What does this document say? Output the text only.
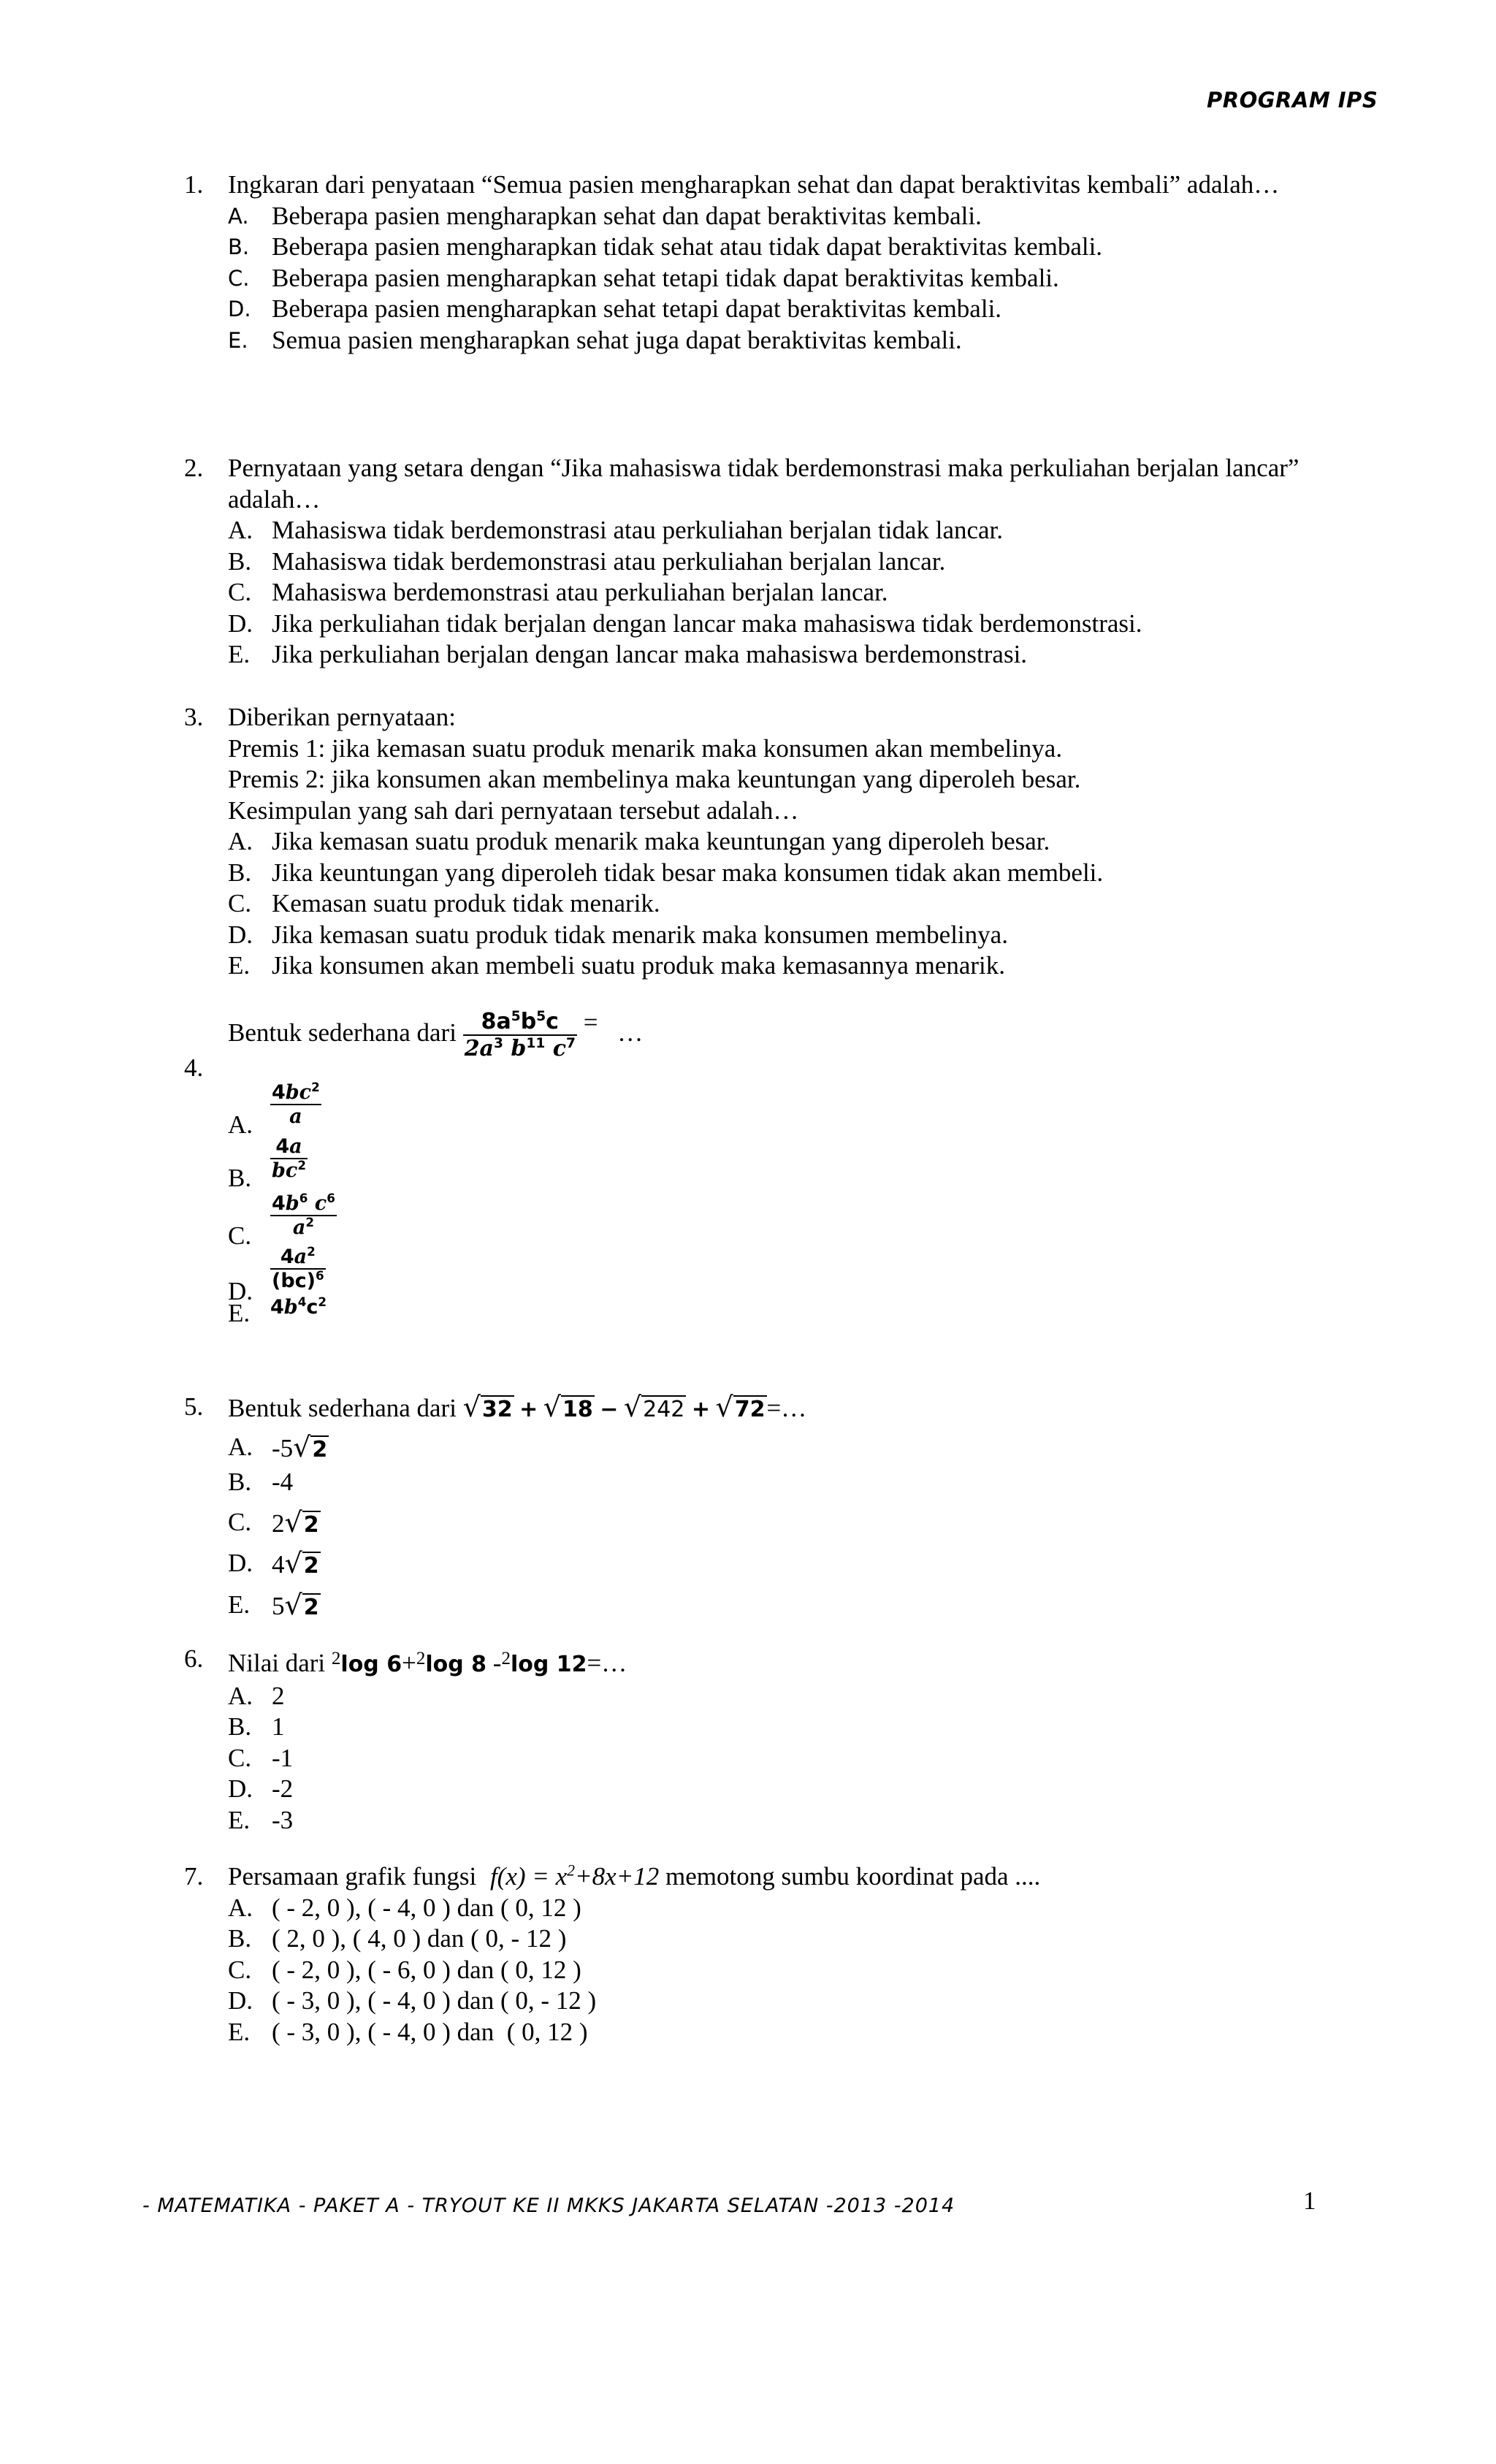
PROGRAM IPS
1. Ingkaran dari penyataan “Semua pasien mengharapkan sehat dan dapat beraktivitas kembali” adalah…
A. Beberapa pasien mengharapkan sehat dan dapat beraktivitas kembali.
B. Beberapa pasien mengharapkan tidak sehat atau tidak dapat beraktivitas kembali.
C. Beberapa pasien mengharapkan sehat tetapi tidak dapat beraktivitas kembali.
D. Beberapa pasien mengharapkan sehat tetapi dapat beraktivitas kembali.
E. Semua pasien mengharapkan sehat juga dapat beraktivitas kembali.
2. Pernyataan yang setara dengan “Jika mahasiswa tidak berdemonstrasi maka perkuliahan berjalan lancar” adalah…
A. Mahasiswa tidak berdemonstrasi atau perkuliahan berjalan tidak lancar.
B. Mahasiswa tidak berdemonstrasi atau perkuliahan berjalan lancar.
C. Mahasiswa berdemonstrasi atau perkuliahan berjalan lancar.
D. Jika perkuliahan tidak berjalan dengan lancar maka mahasiswa tidak berdemonstrasi.
E. Jika perkuliahan berjalan dengan lancar maka mahasiswa berdemonstrasi.
3. Diberikan pernyataan:
Premis 1: jika kemasan suatu produk menarik maka konsumen akan membelinya.
Premis 2: jika konsumen akan membelinya maka keuntungan yang diperoleh besar.
Kesimpulan yang sah dari pernyataan tersebut adalah…
A. Jika kemasan suatu produk menarik maka keuntungan yang diperoleh besar.
B. Jika keuntungan yang diperoleh tidak besar maka konsumen tidak akan membeli.
C. Kemasan suatu produk tidak menarik.
D. Jika kemasan suatu produk tidak menarik maka konsumen membelinya.
E. Jika konsumen akan membeli suatu produk maka kemasannya menarik.
4.
Bentuk sederhana dari $\frac{8a^5b^5c}{2a^3 b^{11} c^7}$ = …
A. $\frac{4bc^2}{a}$
B. $\frac{4a}{bc^2}$
C. $\frac{4b^6 c^6}{a^2}$
D. $\frac{4a^2}{(bc)^6}$
E. $4b^4c^2$
5. Bentuk sederhana dari √32 + √18 − √242 + √72=…
A. -5√2
B. -4
C. 2√2
D. 4√2
E. 5√2
6. Nilai dari $^2$log 6+$^2$log 8 -$^2$log 12=…
A. 2
B. 1
C. -1
D. -2
E. -3
7. Persamaan grafik fungsi $f(x) = x^2+8x+12$ memotong sumbu koordinat pada ....
A. ( - 2, 0 ), ( - 4, 0 ) dan ( 0, 12 )
B. ( 2, 0 ), ( 4, 0 ) dan ( 0, - 12 )
C. ( - 2, 0 ), ( - 6, 0 ) dan ( 0, 12 )
D. ( - 3, 0 ), ( - 4, 0 ) dan ( 0, - 12 )
E. ( - 3, 0 ), ( - 4, 0 ) dan  ( 0, 12 )
- MATEMATIKA - PAKET A - TRYOUT KE II MKKS JAKARTA SELATAN -2013 -2014	1
